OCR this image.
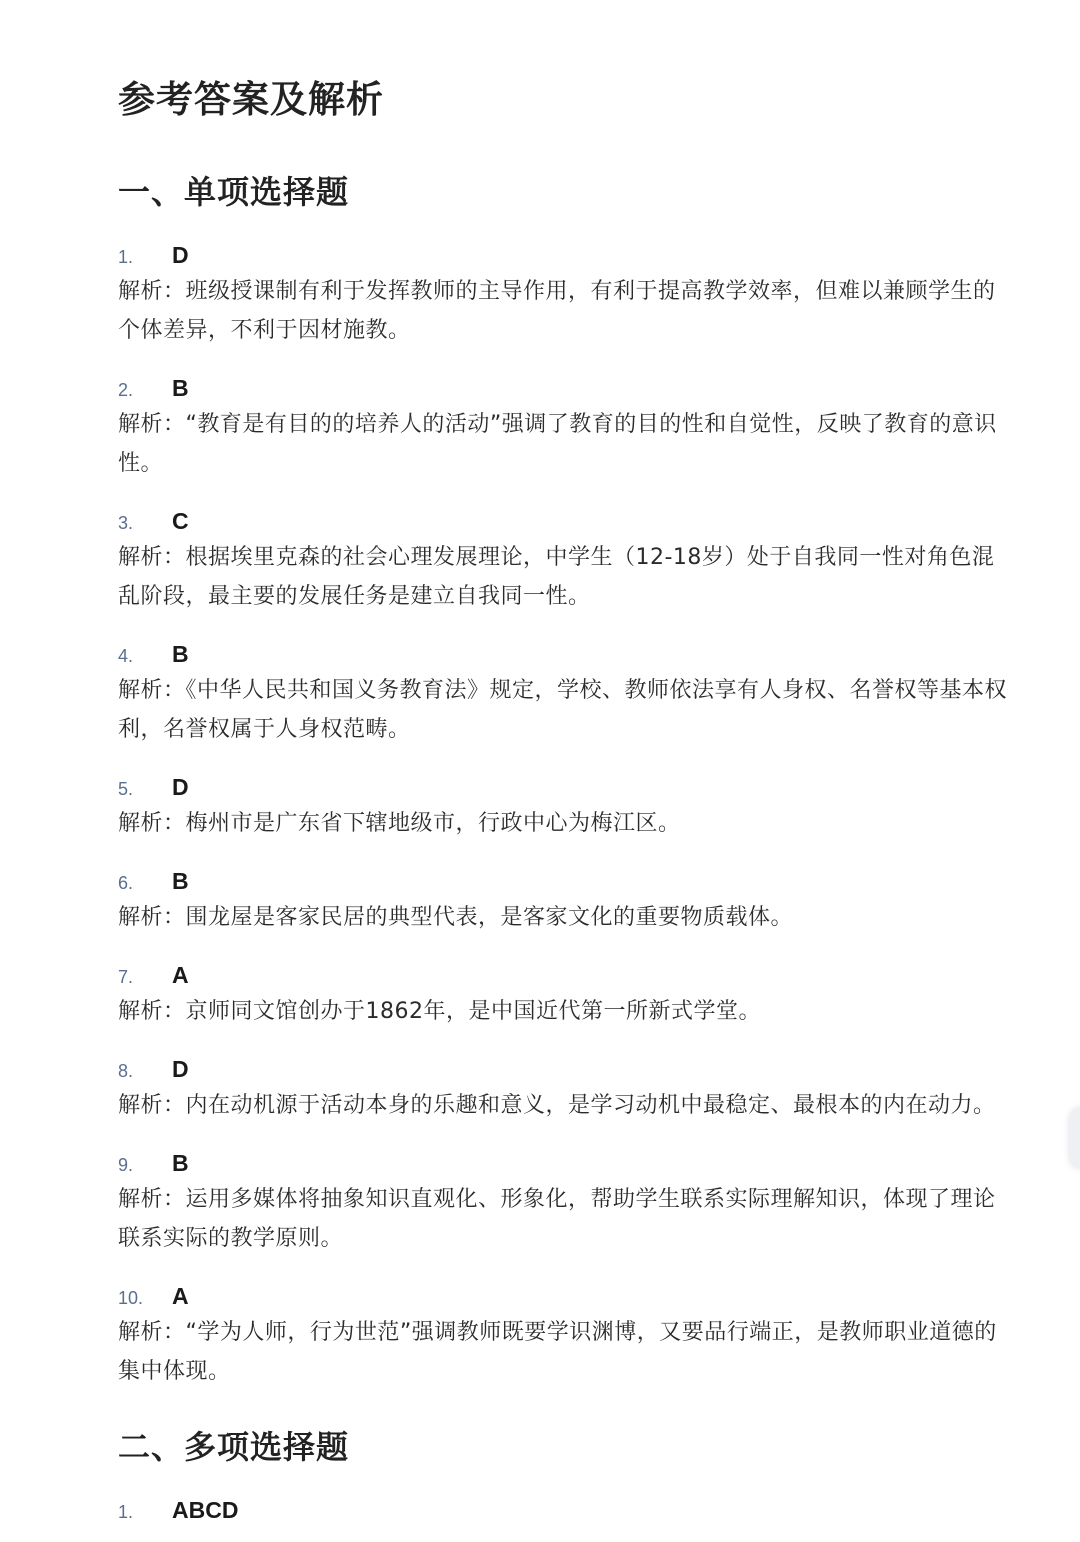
参考答案及解析
一、单项选择题
1.	D

解析：班级授课制有利于发挥教师的主导作用，有利于提高教学效率，但难以兼顾学生的个体差异，不利于因材施教。

2.	B

解析：“教育是有目的的培养人的活动”强调了教育的目的性和自觉性，反映了教育的意识性。

3.	C

解析：根据埃里克森的社会心理发展理论，中学生（12-18岁）处于自我同一性对角色混乱阶段，最主要的发展任务是建立自我同一性。

4.	B

解析：《中华人民共和国义务教育法》规定，学校、教师依法享有人身权、名誉权等基本权利，名誉权属于人身权范畴。

5.	D

解析：梅州市是广东省下辖地级市，行政中心为梅江区。

6.	B

解析：围龙屋是客家民居的典型代表，是客家文化的重要物质载体。

7.	A

解析：京师同文馆创办于1862年，是中国近代第一所新式学堂。

8.	D

解析：内在动机源于活动本身的乐趣和意义，是学习动机中最稳定、最根本的内在动力。

9.	B

解析：运用多媒体将抽象知识直观化、形象化，帮助学生联系实际理解知识，体现了理论联系实际的教学原则。

10.	A

解析：“学为人师，行为世范”强调教师既要学识渊博，又要品行端正，是教师职业道德的集中体现。

二、多项选择题
1.	ABCD
